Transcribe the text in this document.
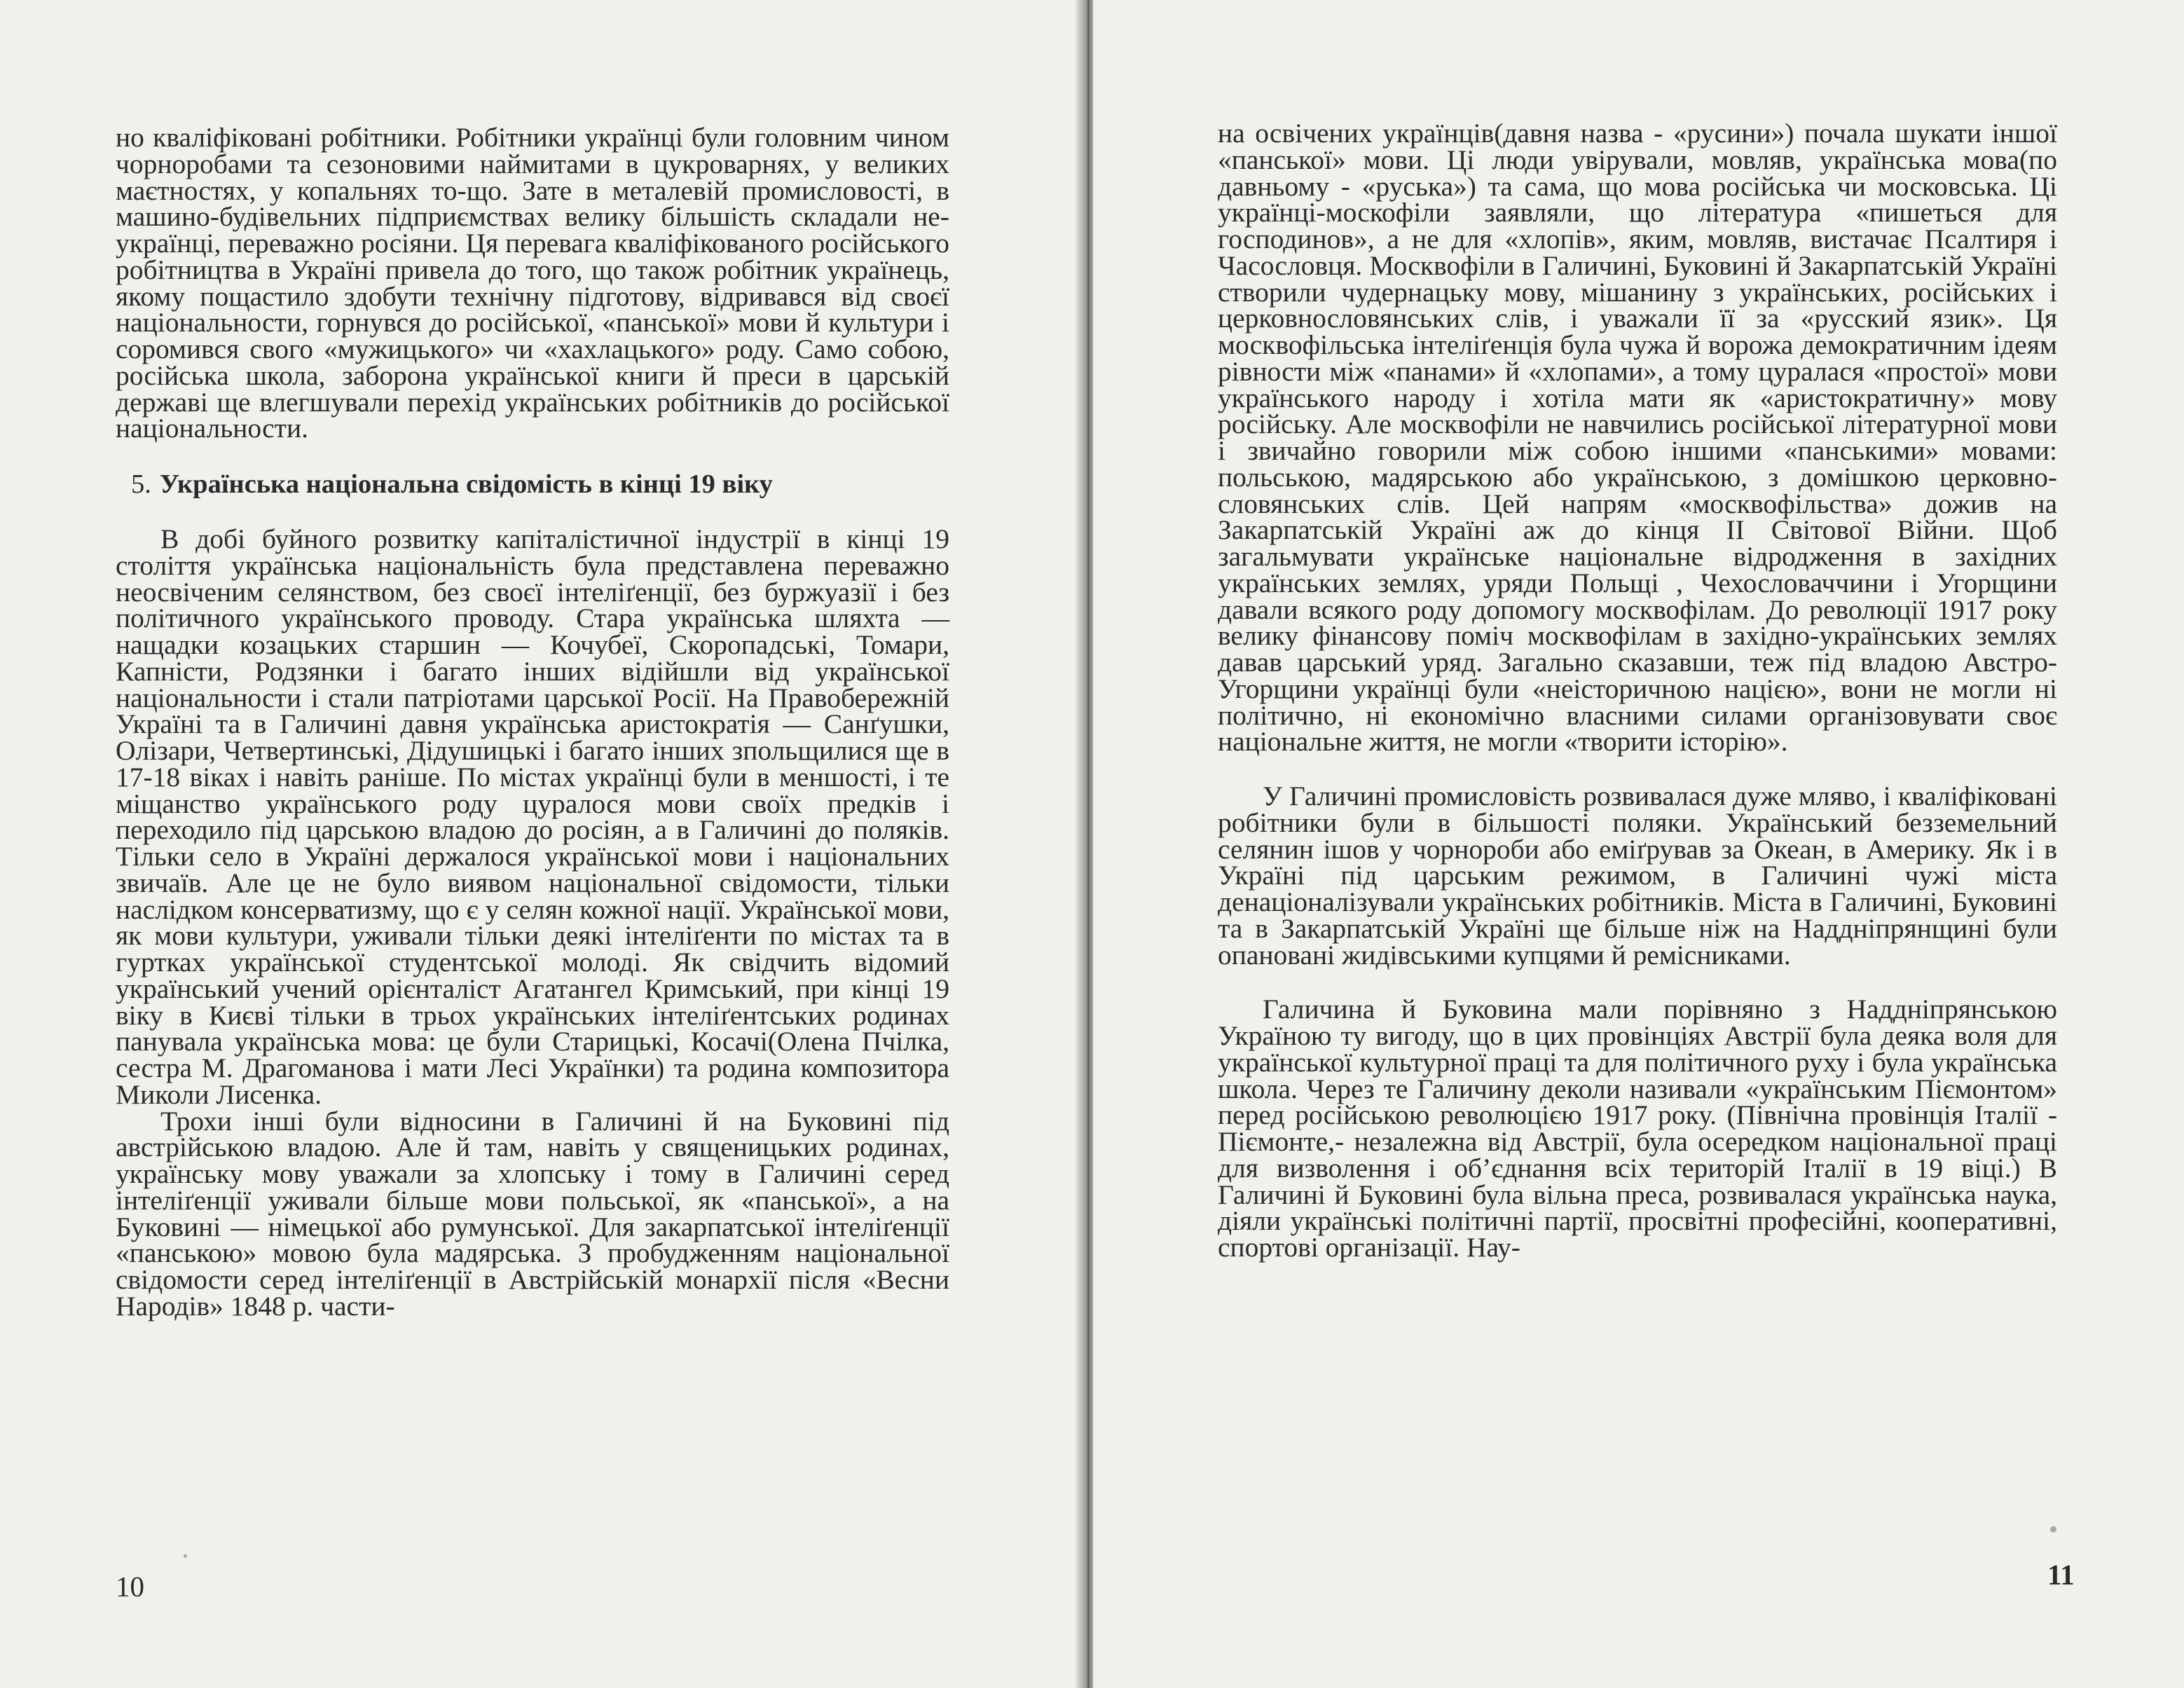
но кваліфіковані робітники. Робітники українці були головним чином чорноробами та сезоновими наймитами в цукроварнях, у великих маєтностях, у копальнях то-що. Зате в металевій промисловості, в машино-будівельних підприємствах велику більшість складали не-українці, переважно росіяни. Ця перевага кваліфікованого російського робітництва в Україні привела до того, що також робітник українець, якому пощастило здобути технічну підготову, відривався від своєї національности, горнувся до російської, «панської» мови й культури і соромився свого «мужицького» чи «хахлацького» роду. Само собою, російська школа, заборона української книги й преси в царській державі ще влегшували перехід українських робітників до російської національности.

5. Українська національна свідомість в кінці 19 віку

В добі буйного розвитку капіталістичної індустрії в кінці 19 століття українська національність була представлена переважно неосвіченим селянством, без своєї інтеліґенції, без буржуазії і без політичного українського проводу. Стара українська шляхта — нащадки козацьких старшин — Кочубеї, Скоропадські, Томари, Капністи, Родзянки і багато інших відійшли від української національности і стали патріотами царської Росії. На Правобережній Україні та в Галичині давня українська аристократія — Санґушки, Олізари, Четвертинські, Дідушицькі і багато інших зпольщилися ще в 17-18 віках і навіть раніше. По містах українці були в меншості, і те міщанство українського роду цуралося мови своїх предків і переходило під царською владою до росіян, а в Галичині до поляків. Тільки село в Україні держалося української мови і національних звичаїв. Але це не було виявом національної свідомости, тільки наслідком консерватизму, що є у селян кожної нації. Української мови, як мови культури, уживали тільки деякі інтеліґенти по містах та в гуртках української студентської молоді. Як свідчить відомий український учений орієнталіст Агатангел Кримський, при кінці 19 віку в Києві тільки в трьох українських інтеліґентських родинах панувала українська мова: це були Старицькі, Косачі(Олена Пчілка, сестра М. Драгоманова і мати Лесі Українки) та родина композитора Миколи Лисенка.

Трохи інші були відносини в Галичині й на Буковині під австрійською владою. Але й там, навіть у священицьких родинах, українську мову уважали за хлопську і тому в Галичині серед інтеліґенції уживали більше мови польської, як «панської», а на Буковині — німецької або румунської. Для закарпатської інтеліґенції «панською» мовою була мадярська. З пробудженням національної свідомости серед інтеліґенції в Австрійській монархії після «Весни Народів» 1848 р. части-

10

на освічених українців(давня назва - «русини») почала шукати іншої «панської» мови. Ці люди увірували, мовляв, українська мова(по давньому - «руська») та сама, що мова російська чи московська. Ці українці-москофіли заявляли, що література «пишеться для господинов», а не для «хлопів», яким, мовляв, вистачає Псалтиря і Часословця. Москвофіли в Галичині, Буковині й Закарпатській Україні створили чудернацьку мову, мішанину з українських, російських і церковнословянських слів, і уважали її за «русский язик». Ця москвофільська інтеліґенція була чужа й ворожа демократичним ідеям рівности між «панами» й «хлопами», а тому цуралася «простої» мови українського народу і хотіла мати як «аристократичну» мову російську. Але москвофіли не навчились російської літературної мови і звичайно говорили між собою іншими «панськими» мовами: польською, мадярською або українською, з домішкою церковно-словянських слів. Цей напрям «москвофільства» дожив на Закарпатській Україні аж до кінця II Світової Війни. Щоб загальмувати українське національне відродження в західних українських землях, уряди Польщі , Чехословаччини і Угорщини давали всякого роду допомогу москвофілам. До революції 1917 року велику фінансову поміч москвофілам в західно-українських землях давав царський уряд. Загально сказавши, теж під владою Австро-Угорщини українці були «неісторичною нацією», вони не могли ні політично, ні економічно власними силами організовувати своє національне життя, не могли «творити історію».

У Галичині промисловість розвивалася дуже мляво, і кваліфіковані робітники були в більшості поляки. Український безземельний селянин ішов у чорнороби або еміґрував за Океан, в Америку. Як і в Україні під царським режимом, в Галичині чужі міста денаціоналізували українських робітників. Міста в Галичині, Буковині та в Закарпатській Україні ще більше ніж на Наддніпрянщині були опановані жидівськими купцями й ремісниками.

Галичина й Буковина мали порівняно з Наддніпрянською Україною ту вигоду, що в цих провінціях Австрії була деяка воля для української культурної праці та для політичного руху і була українська школа. Через те Галичину деколи називали «українським Піємонтом» перед російською революцією 1917 року. (Північна провінція Італії - Піємонте,- незалежна від Австрії, була осередком національної праці для визволення і об’єднання всіх територій Італії в 19 віці.) В Галичині й Буковині була вільна преса, розвивалася українська наука, діяли українські політичні партії, просвітні професійні, кооперативні, спортові організації. Нау-

11
